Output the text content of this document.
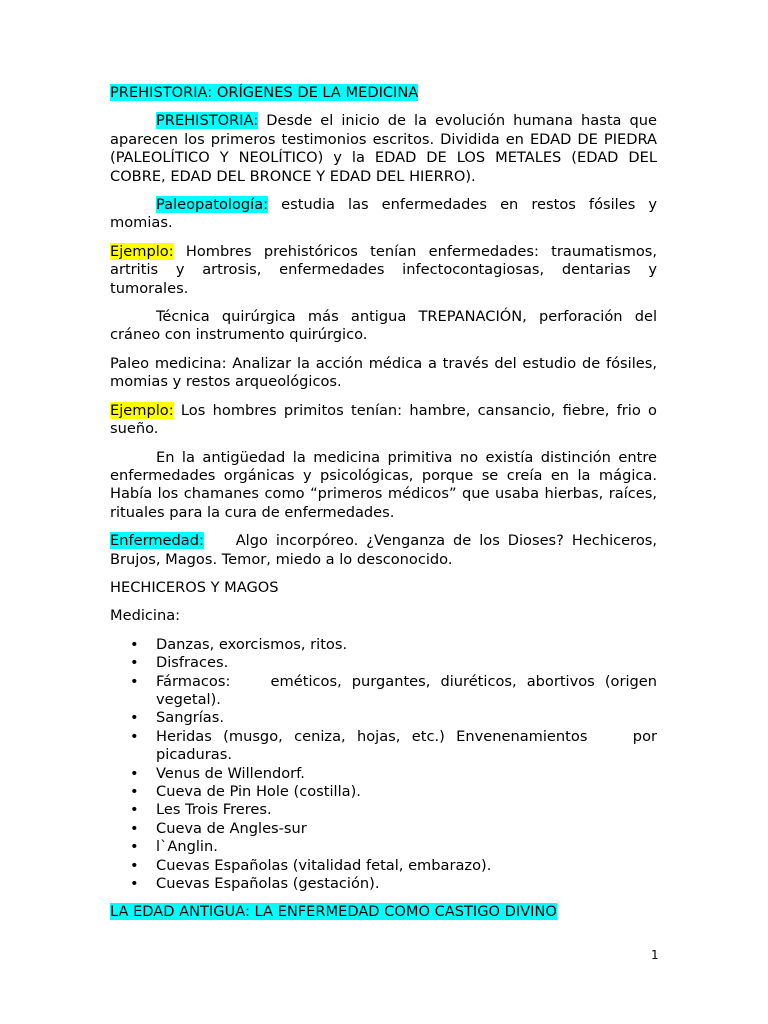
PREHISTORIA: ORÍGENES DE LA MEDICINA

PREHISTORIA: Desde el inicio de la evolución humana hasta que aparecen los primeros testimonios escritos. Dividida en EDAD DE PIEDRA (PALEOLÍTICO Y NEOLÍTICO) y la EDAD DE LOS METALES (EDAD DEL COBRE, EDAD DEL BRONCE Y EDAD DEL HIERRO).

Paleopatología: estudia las enfermedades en restos fósiles y momias.

Ejemplo: Hombres prehistóricos tenían enfermedades: traumatismos, artritis y artrosis, enfermedades infectocontagiosas, dentarias y tumorales.

Técnica quirúrgica más antigua TREPANACIÓN, perforación del cráneo con instrumento quirúrgico.

Paleo medicina: Analizar la acción médica a través del estudio de fósiles, momias y restos arqueológicos.

Ejemplo: Los hombres primitos tenían: hambre, cansancio, fiebre, frio o sueño.

En la antigüedad la medicina primitiva no existía distinción entre enfermedades orgánicas y psicológicas, porque se creía en la mágica. Había los chamanes como “primeros médicos” que usaba hierbas, raíces, rituales para la cura de enfermedades.

Enfermedad:    Algo incorpóreo. ¿Venganza de los Dioses? Hechiceros, Brujos, Magos. Temor, miedo a lo desconocido.

HECHICEROS Y MAGOS

Medicina:

• Danzas, exorcismos, ritos.
• Disfraces.
• Fármacos:    eméticos, purgantes, diuréticos, abortivos (origen vegetal).
• Sangrías.
• Heridas (musgo, ceniza, hojas, etc.) Envenenamientos    por picaduras.
• Venus de Willendorf.
• Cueva de Pin Hole (costilla).
• Les Trois Freres.
• Cueva de Angles-sur
• l`Anglin.
• Cuevas Españolas (vitalidad fetal, embarazo).
• Cuevas Españolas (gestación).
LA EDAD ANTIGUA: LA ENFERMEDAD COMO CASTIGO DIVINO
1
